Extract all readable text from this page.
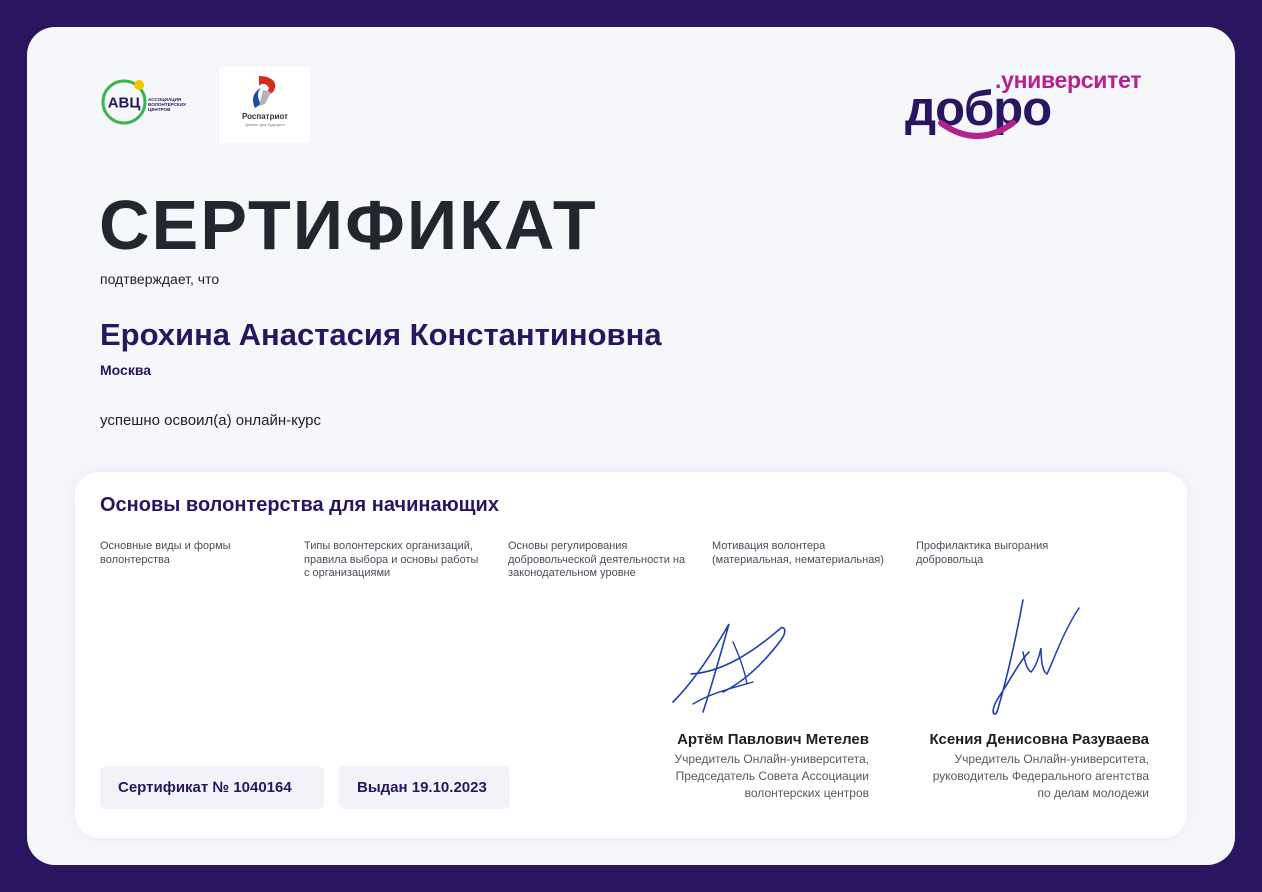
АВЦ АССОЦИАЦИЯ
ВОЛОНТЕРСКИХ
ЦЕНТРОВ
Роспатриот
Делать для будущего	добро
.университет
СЕРТИФИКАТ
подтверждает, что
Ерохина Анастасия Константиновна
Москва
успешно освоил(а) онлайн-курс
Основы волонтерства для начинающих
Основные виды и формы волонтерства
Типы волонтерских организаций, правила выбора и основы работы с организациями
Основы регулирования добровольческой деятельности на законодательном уровне
Мотивация волонтера (материальная, нематериальная)
Профилактика выгорания добровольца
Артём Павлович Метелев
Учредитель Онлайн-университета,
Председатель Совета Ассоциации
волонтерских центров
Ксения Денисовна Разуваева
Учредитель Онлайн-университета,
руководитель Федерального агентства
по делам молодежи
Сертификат № 1040164	Выдан 19.10.2023
